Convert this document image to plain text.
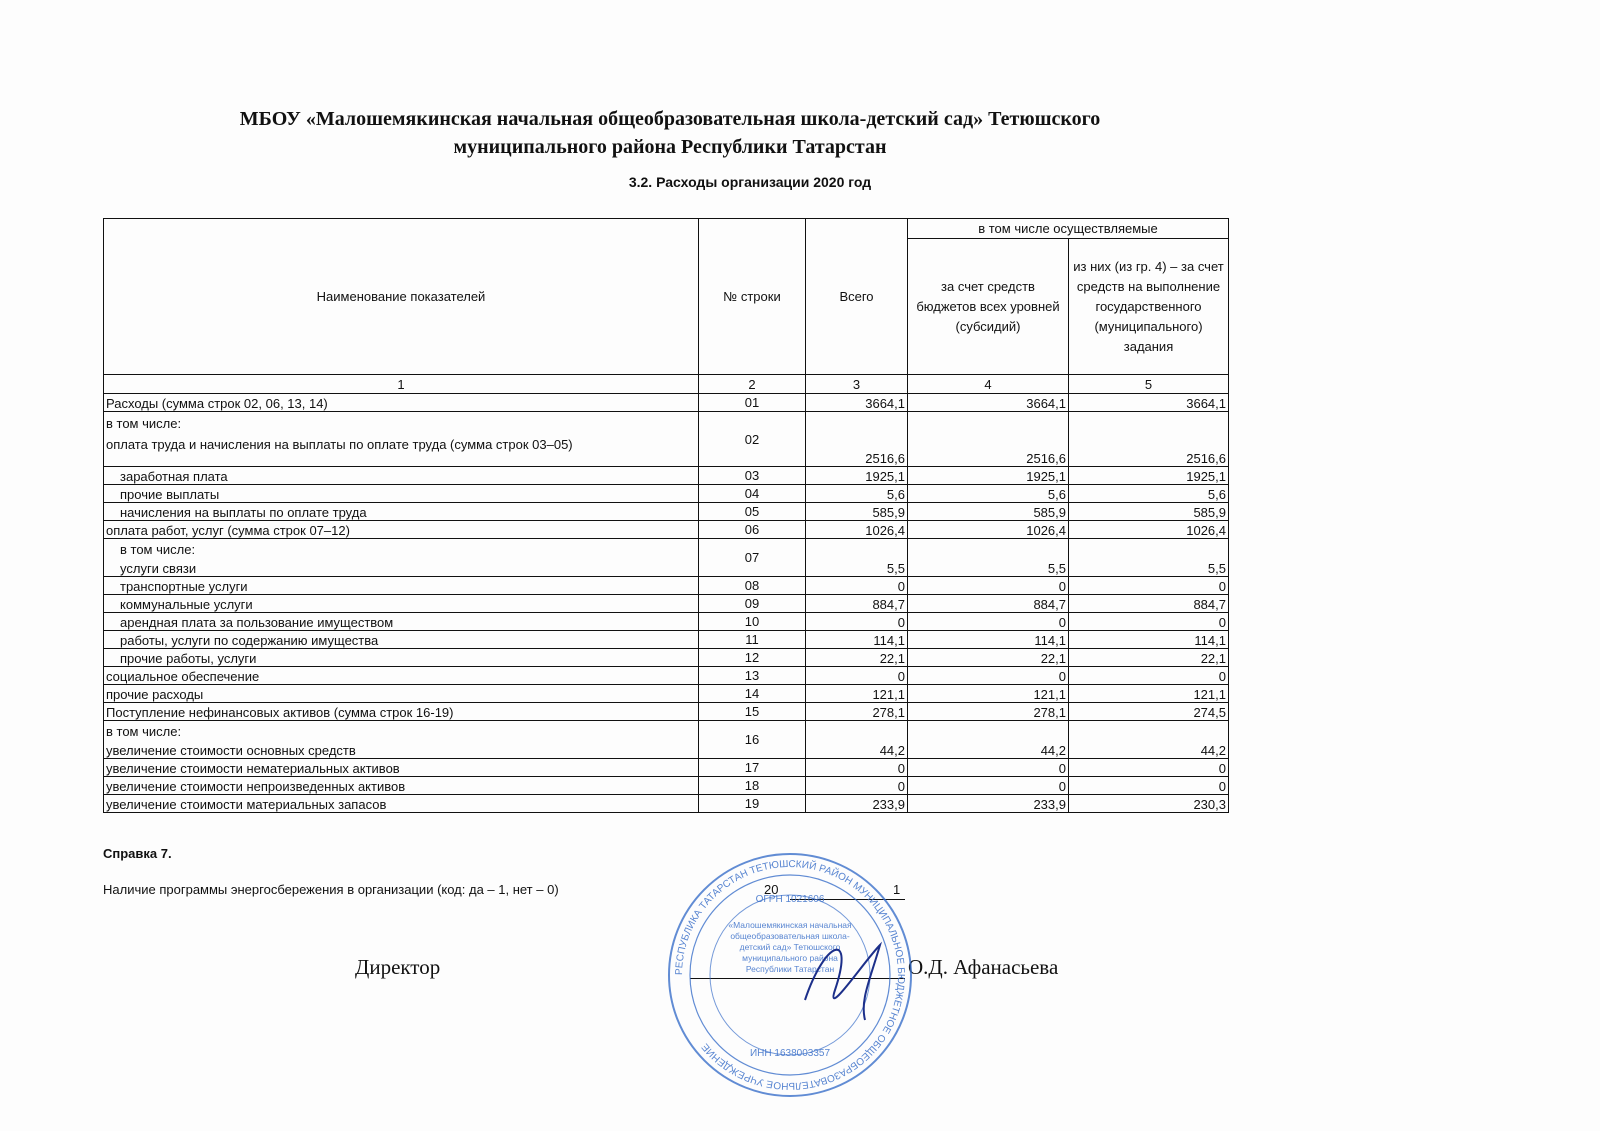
МБОУ «Малошемякинская начальная общеобразовательная школа-детский сад» Тетюшского
муниципального района Республики Татарстан
3.2. Расходы организации 2020 год
Наименование показателей	№ строки	Всего	в том числе осуществляемые	
			за счет средств бюджетов всех уровней (субсидий)	из них (из гр. 4) – за счет средств на выполнение государственного (муниципального) задания
1	2	3	4	5

Расходы (сумма строк 02, 06, 13, 14)	01	3664,1	3664,1	3664,1

в том числе:
оплата труда и начисления на выплаты по оплате труда (сумма строк 03–05)	02	2516,6	2516,6	2516,6

заработная плата	03	1925,1	1925,1	1925,1

прочие выплаты	04	5,6	5,6	5,6

начисления на выплаты по оплате труда	05	585,9	585,9	585,9

оплата работ, услуг (сумма строк 07–12)	06	1026,4	1026,4	1026,4

в том числе:
услуги связи	07	5,5	5,5	5,5

транспортные услуги	08	0	0	0

коммунальные услуги	09	884,7	884,7	884,7

арендная плата за пользование имуществом	10	0	0	0

работы, услуги по содержанию имущества	11	114,1	114,1	114,1

прочие работы, услуги	12	22,1	22,1	22,1

социальное обеспечение	13	0	0	0

прочие расходы	14	121,1	121,1	121,1

Поступление нефинансовых активов (сумма строк 16-19)	15	278,1	278,1	274,5

в том числе:
увеличение стоимости основных средств	16	44,2	44,2	44,2

увеличение стоимости нематериальных активов	17	0	0	0

увеличение стоимости непроизведенных активов	18	0	0	0

увеличение стоимости материальных запасов	19	233,9	233,9	230,3
Справка 7.
Наличие программы энергосбережения в организации (код: да – 1, нет – 0)	20	1
Директор	О.Д. Афанасьева
РЕСПУБЛИКА ТАТАРСТАН ТЕТЮШСКИЙ РАЙОН МУНИЦИПАЛЬНОЕ БЮДЖЕТНОЕ ОБЩЕОБРАЗОВАТЕЛЬНОЕ УЧРЕЖДЕНИЕ
ОГРН 1021606
ИНН 1638003357
«Малошемякинская начальная общеобразовательная школа-детский сад» Тетюшского муниципального района Республики Татарстан
